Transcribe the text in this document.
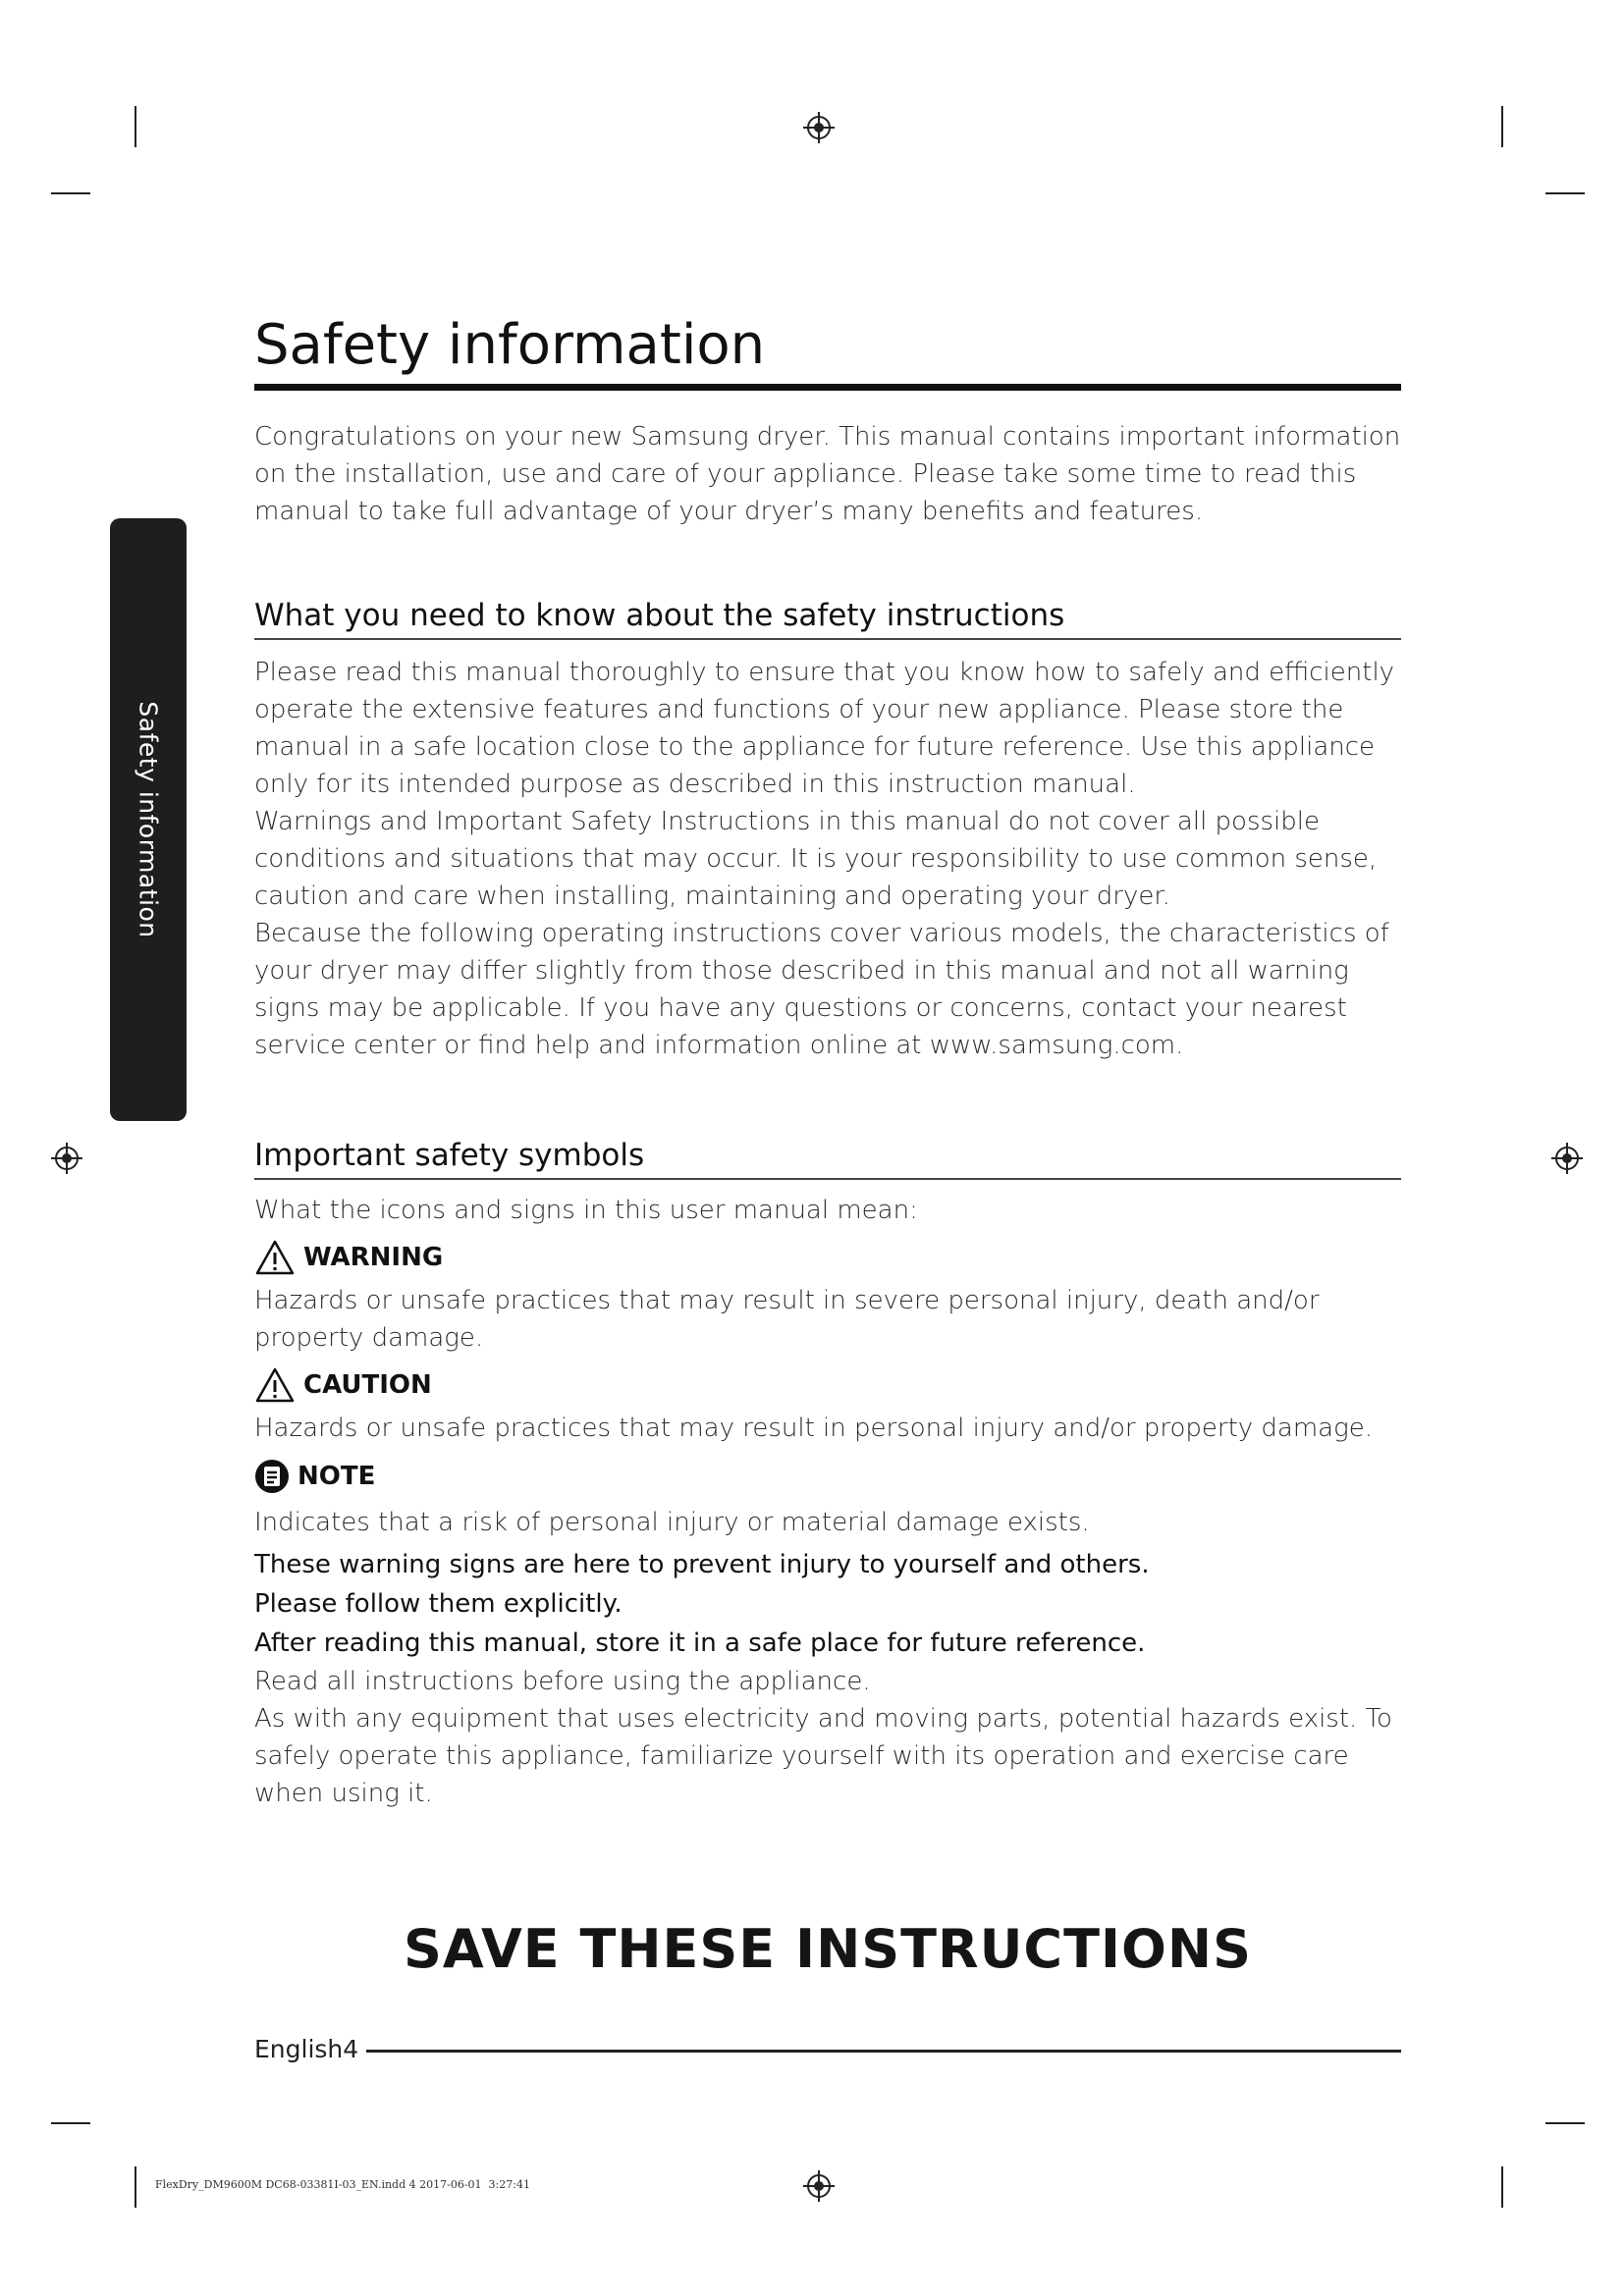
Safety information
Safety information

Congratulations on your new Samsung dryer. This manual contains important information on the installation, use and care of your appliance. Please take some time to read this manual to take full advantage of your dryer’s many benefits and features.

What you need to know about the safety instructions

Please read this manual thoroughly to ensure that you know how to safely and efficiently operate the extensive features and functions of your new appliance. Please store the manual in a safe location close to the appliance for future reference. Use this appliance only for its intended purpose as described in this instruction manual.

Warnings and Important Safety Instructions in this manual do not cover all possible conditions and situations that may occur. It is your responsibility to use common sense, caution and care when installing, maintaining and operating your dryer.

Because the following operating instructions cover various models, the characteristics of your dryer may differ slightly from those described in this manual and not all warning signs may be applicable. If you have any questions or concerns, contact your nearest service center or find help and information online at www.samsung.com.

Important safety symbols

What the icons and signs in this user manual mean:

WARNING

Hazards or unsafe practices that may result in severe personal injury, death and/or property damage.

CAUTION

Hazards or unsafe practices that may result in personal injury and/or property damage.

NOTE

Indicates that a risk of personal injury or material damage exists.

These warning signs are here to prevent injury to yourself and others.

Please follow them explicitly.

After reading this manual, store it in a safe place for future reference.

Read all instructions before using the appliance.

As with any equipment that uses electricity and moving parts, potential hazards exist. To safely operate this appliance, familiarize yourself with its operation and exercise care when using it.

SAVE THESE INSTRUCTIONS
English4
FlexDry_DM9600M DC68-03381I-03_EN.indd 4 2017-06-01 ￼ 3:27:41
